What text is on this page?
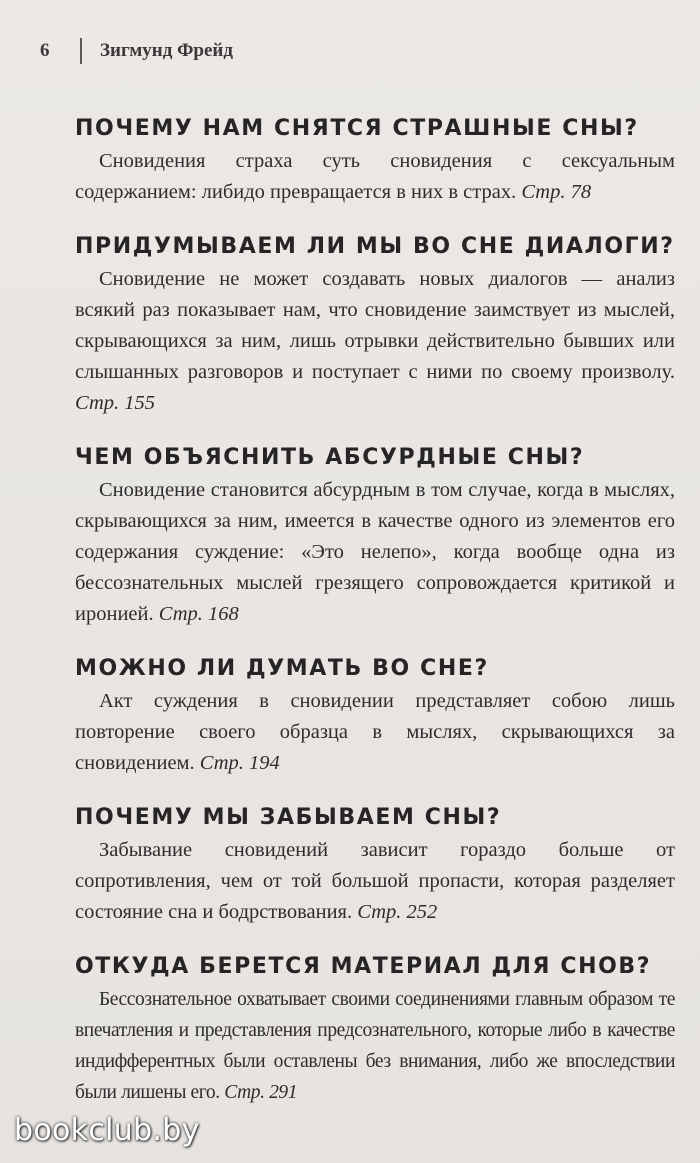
6	Зигмунд Фрейд
ПОЧЕМУ НАМ СНЯТСЯ СТРАШНЫЕ СНЫ?
Сновидения страха суть сновидения с сексуальным содержанием: либидо превращается в них в страх. Стр. 78
ПРИДУМЫВАЕМ ЛИ МЫ ВО СНЕ ДИАЛОГИ?
Сновидение не может создавать новых диалогов — анализ всякий раз показывает нам, что сновидение заимствует из мыслей, скрывающихся за ним, лишь отрывки действительно бывших или слышанных разговоров и поступает с ними по своему произволу. Стр. 155
ЧЕМ ОБЪЯСНИТЬ АБСУРДНЫЕ СНЫ?
Сновидение становится абсурдным в том случае, когда в мыслях, скрывающихся за ним, имеется в качестве одного из элементов его содержания суждение: «Это нелепо», когда вообще одна из бессознательных мыслей грезящего сопровождается критикой и иронией. Стр. 168
МОЖНО ЛИ ДУМАТЬ ВО СНЕ?
Акт суждения в сновидении представляет собою лишь повторение своего образца в мыслях, скрывающихся за сновидением. Стр. 194
ПОЧЕМУ МЫ ЗАБЫВАЕМ СНЫ?
Забывание сновидений зависит гораздо больше от сопротивления, чем от той большой пропасти, которая разделяет состояние сна и бодрствования. Стр. 252
ОТКУДА БЕРЕТСЯ МАТЕРИАЛ ДЛЯ СНОВ?
Бессознательное охватывает своими соединениями главным образом те впечатления и представления предсознательного, которые либо в качестве индифферентных были оставлены без внимания, либо же впоследствии были лишены его. Стр. 291
bookclub.by
